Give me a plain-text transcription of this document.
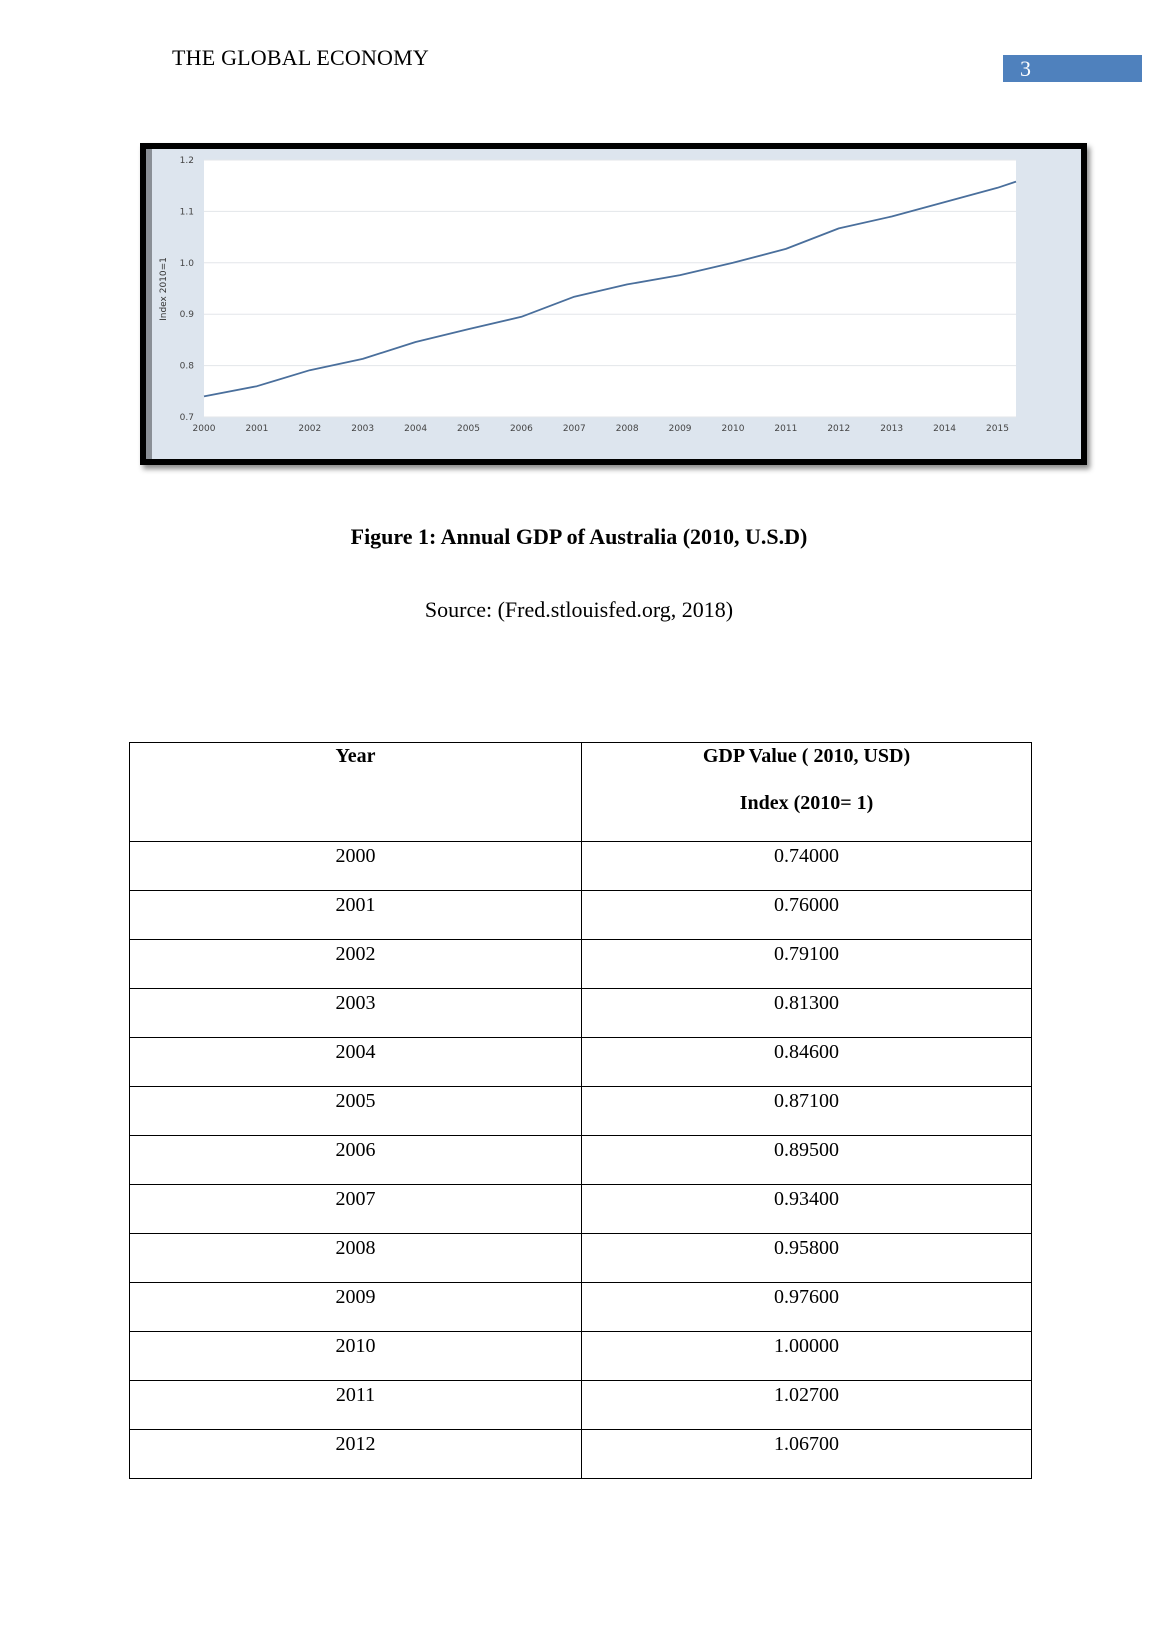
THE GLOBAL ECONOMY	3
0.7
0.8
0.9
1.0
1.1
1.2
2000	2001	2002	2003	2004	2005	2006	2007	2008	2009	2010	2011	2012	2013	2014	2015
Index 2010=1
Figure 1: Annual GDP of Australia (2010, U.S.D)
Source: (Fred.stlouisfed.org, 2018)
Year	GDP Value ( 2010, USD)
Index (2010= 1)

2000	0.74000
2001	0.76000
2002	0.79100
2003	0.81300
2004	0.84600
2005	0.87100
2006	0.89500
2007	0.93400
2008	0.95800
2009	0.97600
2010	1.00000
2011	1.02700
2012	1.06700
